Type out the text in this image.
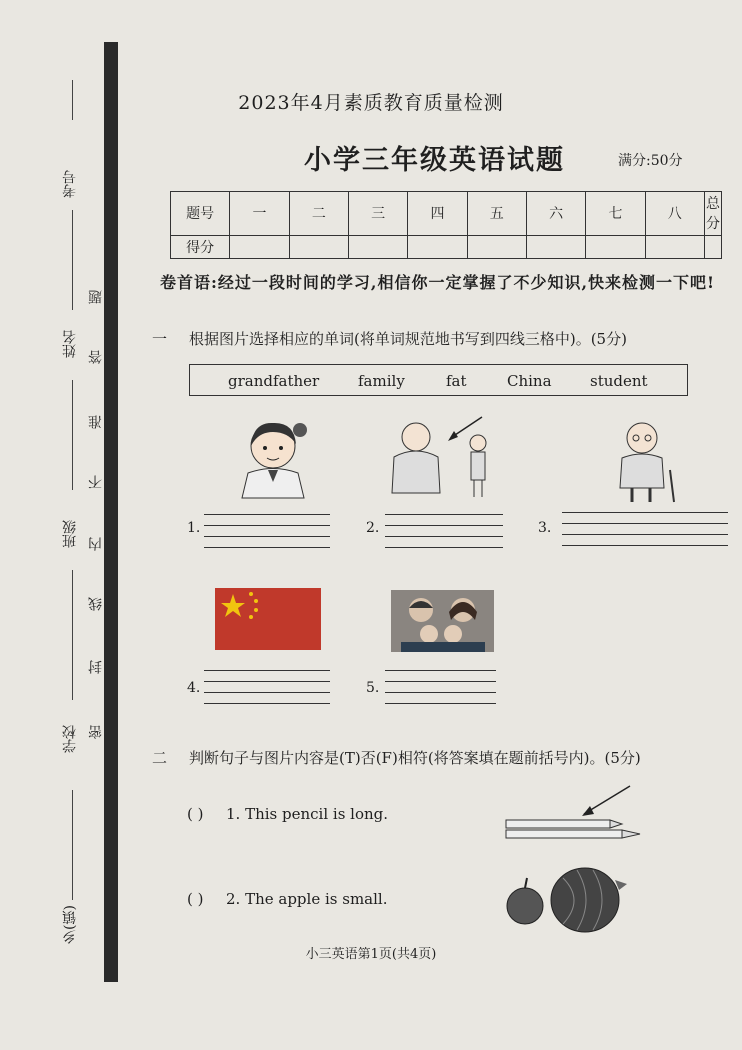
考号
姓名
班级
学校
乡(镇)
题
答
准
不
内
线
封
密
2023年4月素质教育质量检测
小学三年级英语试题	满分:50分
题号	一	二	三	四	五	六	七	八	总分
得分									
卷首语:经过一段时间的学习,相信你一定掌握了不少知识,快来检测一下吧!
一 根据图片选择相应的单词(将单词规范地书写到四线三格中)。(5分)
grandfather	family	fat	China	student
1.	2.	3.
4.	5.
二 判断句子与图片内容是(T)否(F)相符(将答案填在题前括号内)。(5分)
( ) 1. This pencil is long.
( ) 2. The apple is small.
小三英语第1页(共4页)
